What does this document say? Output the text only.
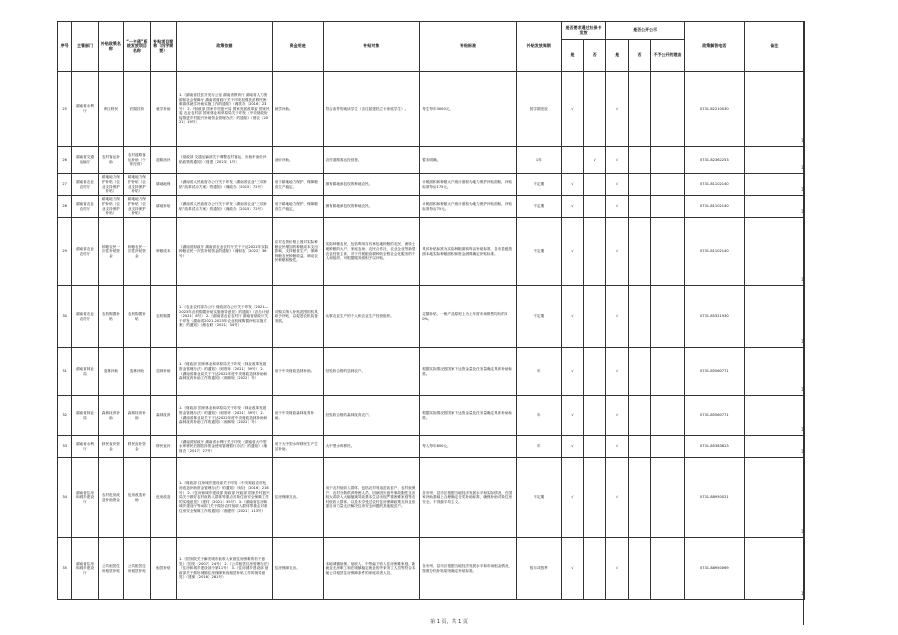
序号	主管部门	补贴政策名称	“一卡通”系统发放项目名称	补贴项目简称（四字简要）	政策依据	资金用途	补贴对象	补贴标准	补贴发放周期	是否要求通过社保卡发放		是否公开公示			政策解答电话	备注
										是	否	是	否	不予公开的理由		
25	湖南省水利厅	库区移民	后期扶持	就学补助	1.《湖南省扶贫开发办公室 湖南省教育厅 湖南省人力资源和社会保障厅 湖南省财政厅关于印发加强扶贫移民困难群体就学补助实施工作的通知》（湘扶办〔2016〕23号） 2.《财政部 国家乡村振兴局 国家发展改革委 国家民委 农业农村部 国家林业和草原局关于印发〈中央财政衔接推进乡村振兴补助资金管理办法〉的通知》（财农〔2021〕19号）	就学补助。	符合条件的就读学生（含往届建档立卡家庭学生）。	每生每年3000元。	按学期发放	√		√			0731-82210030	
26	湖南省交通运输厅	农村客运补助	农村道路客运补助（个体经营）	道路油补	《财政部 交通运输部关于调整农村客运、出租车油价补贴政策的通知》（财建〔2023〕1号）	油价补助。	农村道路客运经营者。	暂未明确。	1年		√	√			0731-82362253	
27	湖南省农业农村厅	耕地地力保护补贴（农业支持保护补贴）	耕地地力保护补贴（农业支持保护补贴）	耕地地保	《湖南省人民政府办公厅关于印发〈湖南省农业“三项补贴”改革试点方案〉的通知》（湘政办〔2015〕72号）	用于耕地地力保护、保障粮食生产稳定。	拥有耕地承包权的种地农民。	计税面积和种粮大户统计面积为地力保护补贴面积，补贴标准每亩175元。	不定期	√		√			0731-81102140	
28	湖南省农业农村厅	耕地地力保护补贴（农业支持保护补贴）	耕地地力保护补贴（农业支持保护补贴）	耕地补贴	《湖南省人民政府办公厅关于印发〈湖南省农业“三项补贴”改革试点方案〉的通知》（湘政办〔2015〕72号）	用于耕地地力保护、保障粮食生产稳定。	拥有耕地承包权的种地农民。	计税面积和种粮大户统计面积为地力保护补贴面积，补贴标准每亩75元。	不定期	√		√			0731-81102140	
29	湖南省农业农村厅	种粮农民一次性补贴资金	种粮农民一次性补贴资金	种粮成本	《湖南省财政厅 湖南省农业农村厅关于下达2022年实际种粮农民一次性补贴资金的通知》（湘财农〔2022〕36号）	应对农资价格上涨对实际种粮农民增加的种粮成本支出影响，支持粮食生产，保障种粮农民种粮收益，调动农民种粮积极性。	实际种粮农民，包括利用自有承包地种粮的农民、流转土地种粮的大户、家庭农场、农民合作社、农业企业等新型农业经营主体，对于开展粮食耕种收全程社会化服务的个人和组织，可根据服务面积予以补贴。	具体补贴标准为实际种粮面积每亩补贴标准，各市县级按照本地实际种粮面积和资金测算确定补贴标准。	不定期	√		√			0731-81102140	
30	湖南省农业农村厅	农机购置补贴	农机购置补贴	农机购置	1.《农业农村部办公厅 财政部办公厅关于印发〈2021—2023年农机购置补贴实施指导意见〉的通知》（农办计财〔2021〕8号） 2.《湖南省农业农村厅 湖南省财政厅关于印发〈湖南省2021-2023年农业机械购置补贴实施方案〉的通知》（湘农联〔2021〕34号）	对购买纳入补贴范围的机具给予补贴，以促进农机装备发展。	从事农业生产的个人和农业生产经营组织。	定额补贴，一般产品原则上为上年度市场销售均价的30%。	不定期	√		√			0731-85321930	
31	湖南省林业局	造林补助	造林补助	造林补助	1.《财政部 国家林业和草原局关于印发〈林业改革发展资金管理办法〉的通知》（财资环〔2021〕39号） 2.《湖南省林业局关于下达2022年度中央财政造林补助和森林抚育补助工作的通知》（湘林规〔2022〕号）	用于中央财政造林补助。	经验收合格的造林农户。	根据实际情况按国家下达资金量及任务量确定具体补助标准。	年	√		√			0731-85560771	
32	湖南省林业局	森林抚育补助	森林抚育补助	森林抚育	1.《财政部 国家林业和草原局关于印发〈林业改革发展资金管理办法〉的通知》（财资环〔2021〕39号） 2.《湖南省林业局关于下达2022年度中央财政造林补助和森林抚育补助工作的通知》（湘林规〔2022〕号）	用于中央财政森林抚育补助。	经验收合格的森林抚育农户。	根据实际情况按国家下达资金量及任务量确定具体补助标准。	年	√		√			0731-85560771	
33	湖南省水利厅	移民直补资金	移民直补资金	移民直补	《湖南省财政厅 湖南省水利厅关于印发〈湖南省大中型水库移民后期扶持资金使用管理暂行办法〉的通知》（湘财农〔2017〕27号）	用于大中型水库移民生产生活补助。	大中型水库移民。	每人每年600元。	年	√		√			0731-85363623	
34	湖南省住房和城乡建设厅	农村危房改造补助资金	危房改造补助	危房改造	1.《财政部 住房城乡建设部关于印发〈中央财政农村危房改造补助资金管理办法〉的通知》（财社〔2016〕216号） 2.《住房和城乡建设部 财政部 民政部 国家乡村振兴局关于做好农村低收入群体等重点对象住房安全保障工作的实施意见》（建村〔2021〕35号） 3.《湖南省住房和城乡建设厅等4部门关于做好农村低收入群体等重点对象住房安全保障工作的通知》（湘建村〔2021〕113号）	住房保障支出。	用于农村低收入群体，包括农村易返贫致贫户、农村低保户、农村分散供养特困人员、因病因灾意外事故刚性支出较大或收入大幅缩减导致基本生活出现严重困难家庭等农村低收入群体，以及未享受过农村住房保障政策支持且依靠自身力量无法解决住房安全问题的其他脱贫户。	各市州、县市区根据当地经济发展水平和实际情况，在国家补助基础上合理确定分类补助标准，确保补助对象住房安全，不得搞平均主义。	不定期	√		√			0731-88950021	
35	湖南省住房和城乡建设厅	公共租赁住房租赁补贴	公共租赁住房租赁补贴	租赁补贴	1.《国务院关于解决城市低收入家庭住房困难的若干意见》（国发〔2007〕24号） 2.《公共租赁住房管理办法》（住房和城乡建设部令第11号） 3.《住房城乡建设部 财政部关于做好城镇住房保障家庭租赁补贴工作的指导意见》（建保〔2016〕281号）	住房保障支出。	本地城镇低保、低收入、中等偏下收入住房困难家庭，新就业无房职工和在城镇稳定就业的外来务工人员等符合本地公共租赁住房保障条件的家庭或者人员。	各市州、县市区根据当地经济发展水平和市场租金情况，按照分档补贴原则确定补贴标准。	按月或按季	√		√			0731-88950069	
第 1 页，共 1 页
1
1
1
1
1
1
1
1
1
1
1
